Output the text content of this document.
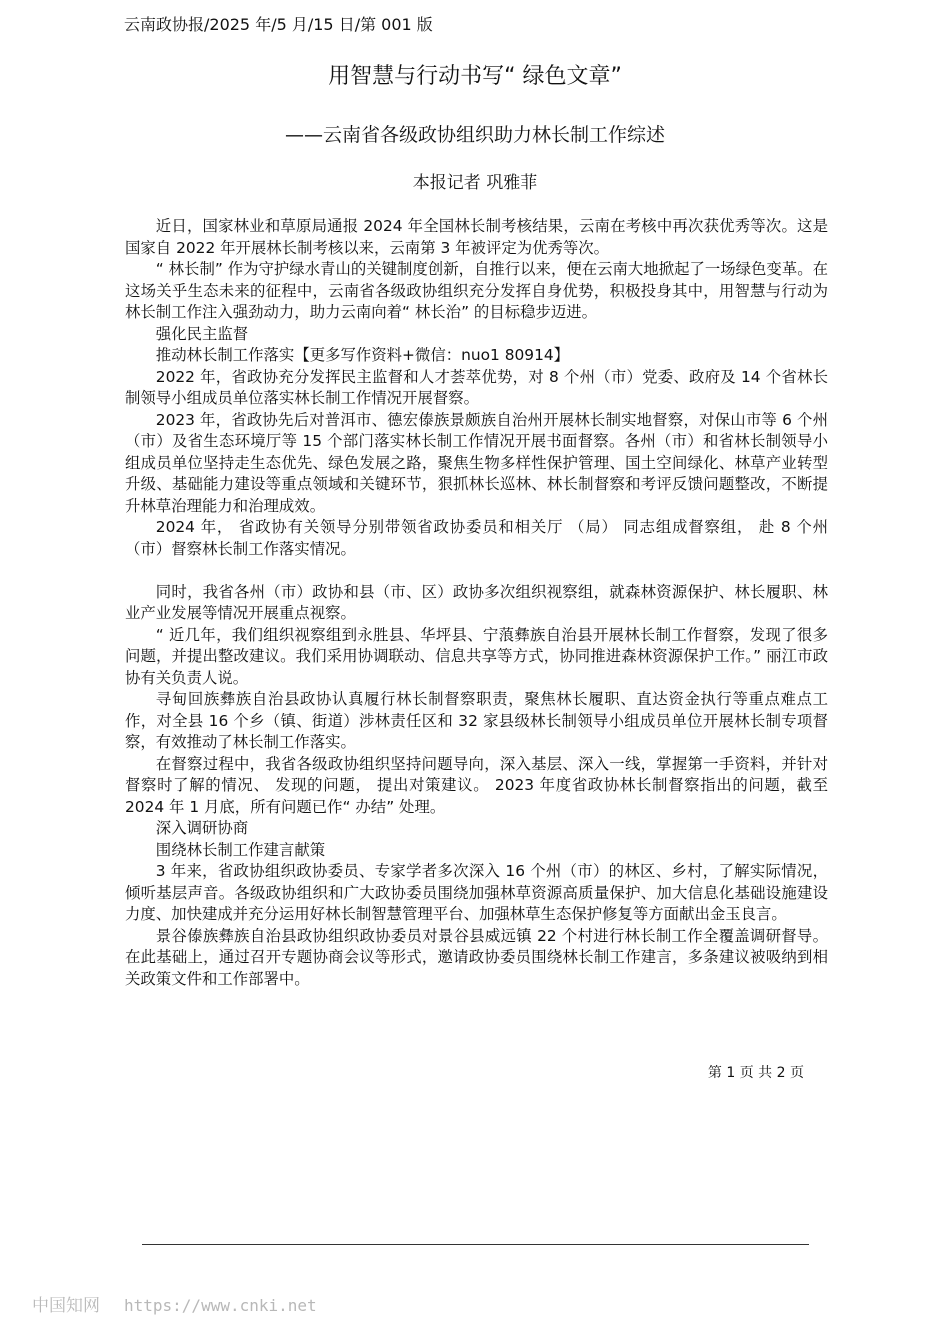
云南政协报/2025 年/5 月/15 日/第 001 版
用智慧与行动书写“ 绿色文章”
——云南省各级政协组织助力林长制工作综述
本报记者 巩雅菲

近日，国家林业和草原局通报 2024 年全国林长制考核结果，云南在考核中再次获优秀等次。这是国家自 2022 年开展林长制考核以来，云南第 3 年被评定为优秀等次。

“ 林长制” 作为守护绿水青山的关键制度创新，自推行以来，便在云南大地掀起了一场绿色变革。在这场关乎生态未来的征程中，云南省各级政协组织充分发挥自身优势，积极投身其中，用智慧与行动为林长制工作注入强劲动力，助力云南向着“ 林长治” 的目标稳步迈进。

强化民主监督

推动林长制工作落实【更多写作资料+微信：nuo1 80914】

2022 年，省政协充分发挥民主监督和人才荟萃优势，对 8 个州（市）党委、政府及 14 个省林长制领导小组成员单位落实林长制工作情况开展督察。

2023 年，省政协先后对普洱市、德宏傣族景颇族自治州开展林长制实地督察，对保山市等 6 个州（市）及省生态环境厅等 15 个部门落实林长制工作情况开展书面督察。各州（市）和省林长制领导小组成员单位坚持走生态优先、绿色发展之路，聚焦生物多样性保护管理、国土空间绿化、林草产业转型升级、基础能力建设等重点领域和关键环节，狠抓林长巡林、林长制督察和考评反馈问题整改，不断提升林草治理能力和治理成效。

2024 年， 省政协有关领导分别带领省政协委员和相关厅 （局） 同志组成督察组， 赴 8 个州（市）督察林长制工作落实情况。

同时，我省各州（市）政协和县（市、区）政协多次组织视察组，就森林资源保护、林长履职、林业产业发展等情况开展重点视察。

“ 近几年，我们组织视察组到永胜县、华坪县、宁蒗彝族自治县开展林长制工作督察，发现了很多问题，并提出整改建议。我们采用协调联动、信息共享等方式，协同推进森林资源保护工作。” 丽江市政协有关负责人说。

寻甸回族彝族自治县政协认真履行林长制督察职责，聚焦林长履职、直达资金执行等重点难点工作，对全县 16 个乡（镇、街道）涉林责任区和 32 家县级林长制领导小组成员单位开展林长制专项督察，有效推动了林长制工作落实。

在督察过程中，我省各级政协组织坚持问题导向，深入基层、深入一线，掌握第一手资料，并针对督察时了解的情况、 发现的问题， 提出对策建议。 2023 年度省政协林长制督察指出的问题，截至 2024 年 1 月底，所有问题已作“ 办结” 处理。

深入调研协商

围绕林长制工作建言献策

3 年来，省政协组织政协委员、专家学者多次深入 16 个州（市）的林区、乡村，了解实际情况，倾听基层声音。各级政协组织和广大政协委员围绕加强林草资源高质量保护、加大信息化基础设施建设力度、加快建成并充分运用好林长制智慧管理平台、加强林草生态保护修复等方面献出金玉良言。

景谷傣族彝族自治县政协组织政协委员对景谷县威远镇 22 个村进行林长制工作全覆盖调研督导。在此基础上，通过召开专题协商会议等形式，邀请政协委员围绕林长制工作建言，多条建议被吸纳到相关政策文件和工作部署中。

第 1 页 共 2 页
中国知网 https://www.cnki.net
